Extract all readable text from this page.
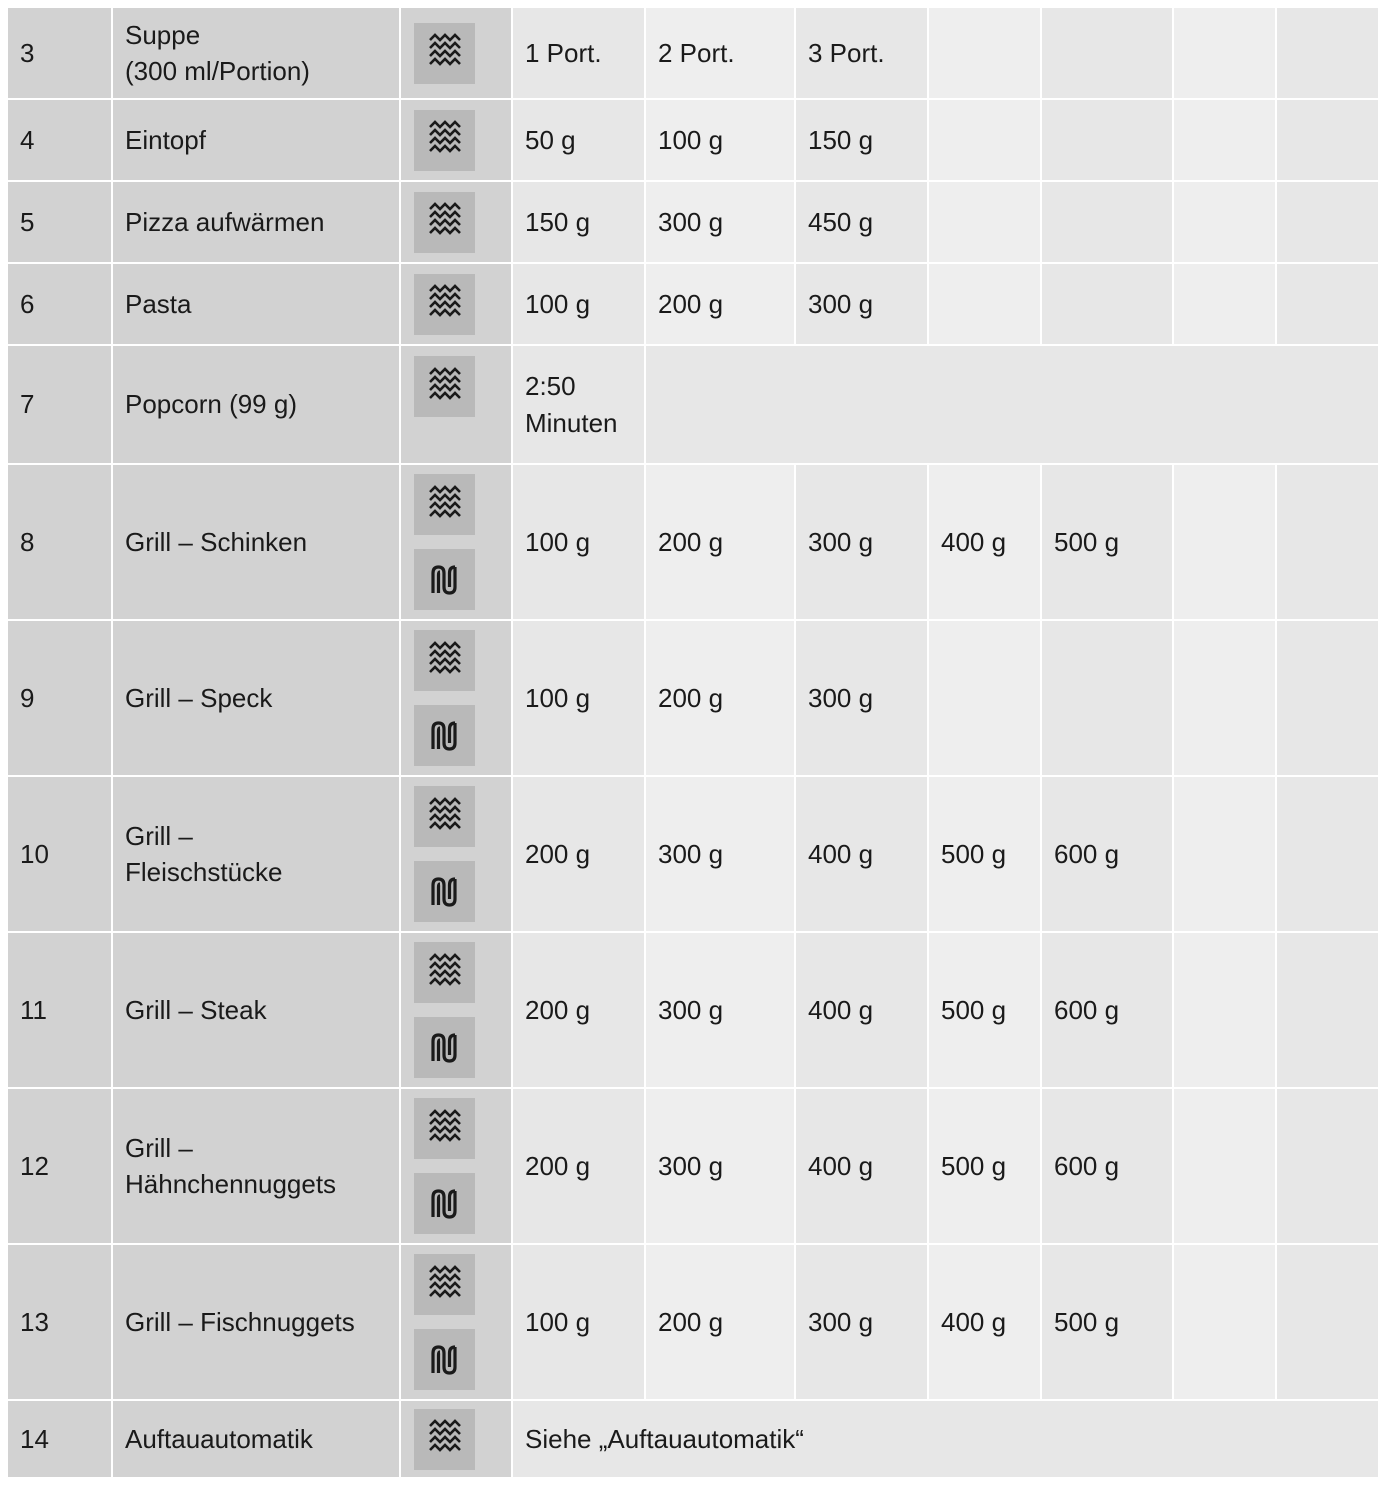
3	Suppe
(300 ml/Portion)		1 Port.	2 Port.	3 Port.				
4	Eintopf		50 g	100 g	150 g				
5	Pizza aufwärmen		150 g	300 g	450 g				
6	Pasta		100 g	200 g	300 g				
7	Popcorn (99 g)		2:50
Minuten						

8	Grill – Schinken		100 g	200 g	300 g	400 g	500 g		
9	Grill – Speck		100 g	200 g	300 g				
10	Grill –
Fleischstücke		200 g	300 g	400 g	500 g	600 g		
11	Grill – Steak		200 g	300 g	400 g	500 g	600 g		
12	Grill –
Hähnchennuggets		200 g	300 g	400 g	500 g	600 g		
13	Grill – Fischnuggets		100 g	200 g	300 g	400 g	500 g		
14	Auftauautomatik		Siehe „Auftauautomatik“						
